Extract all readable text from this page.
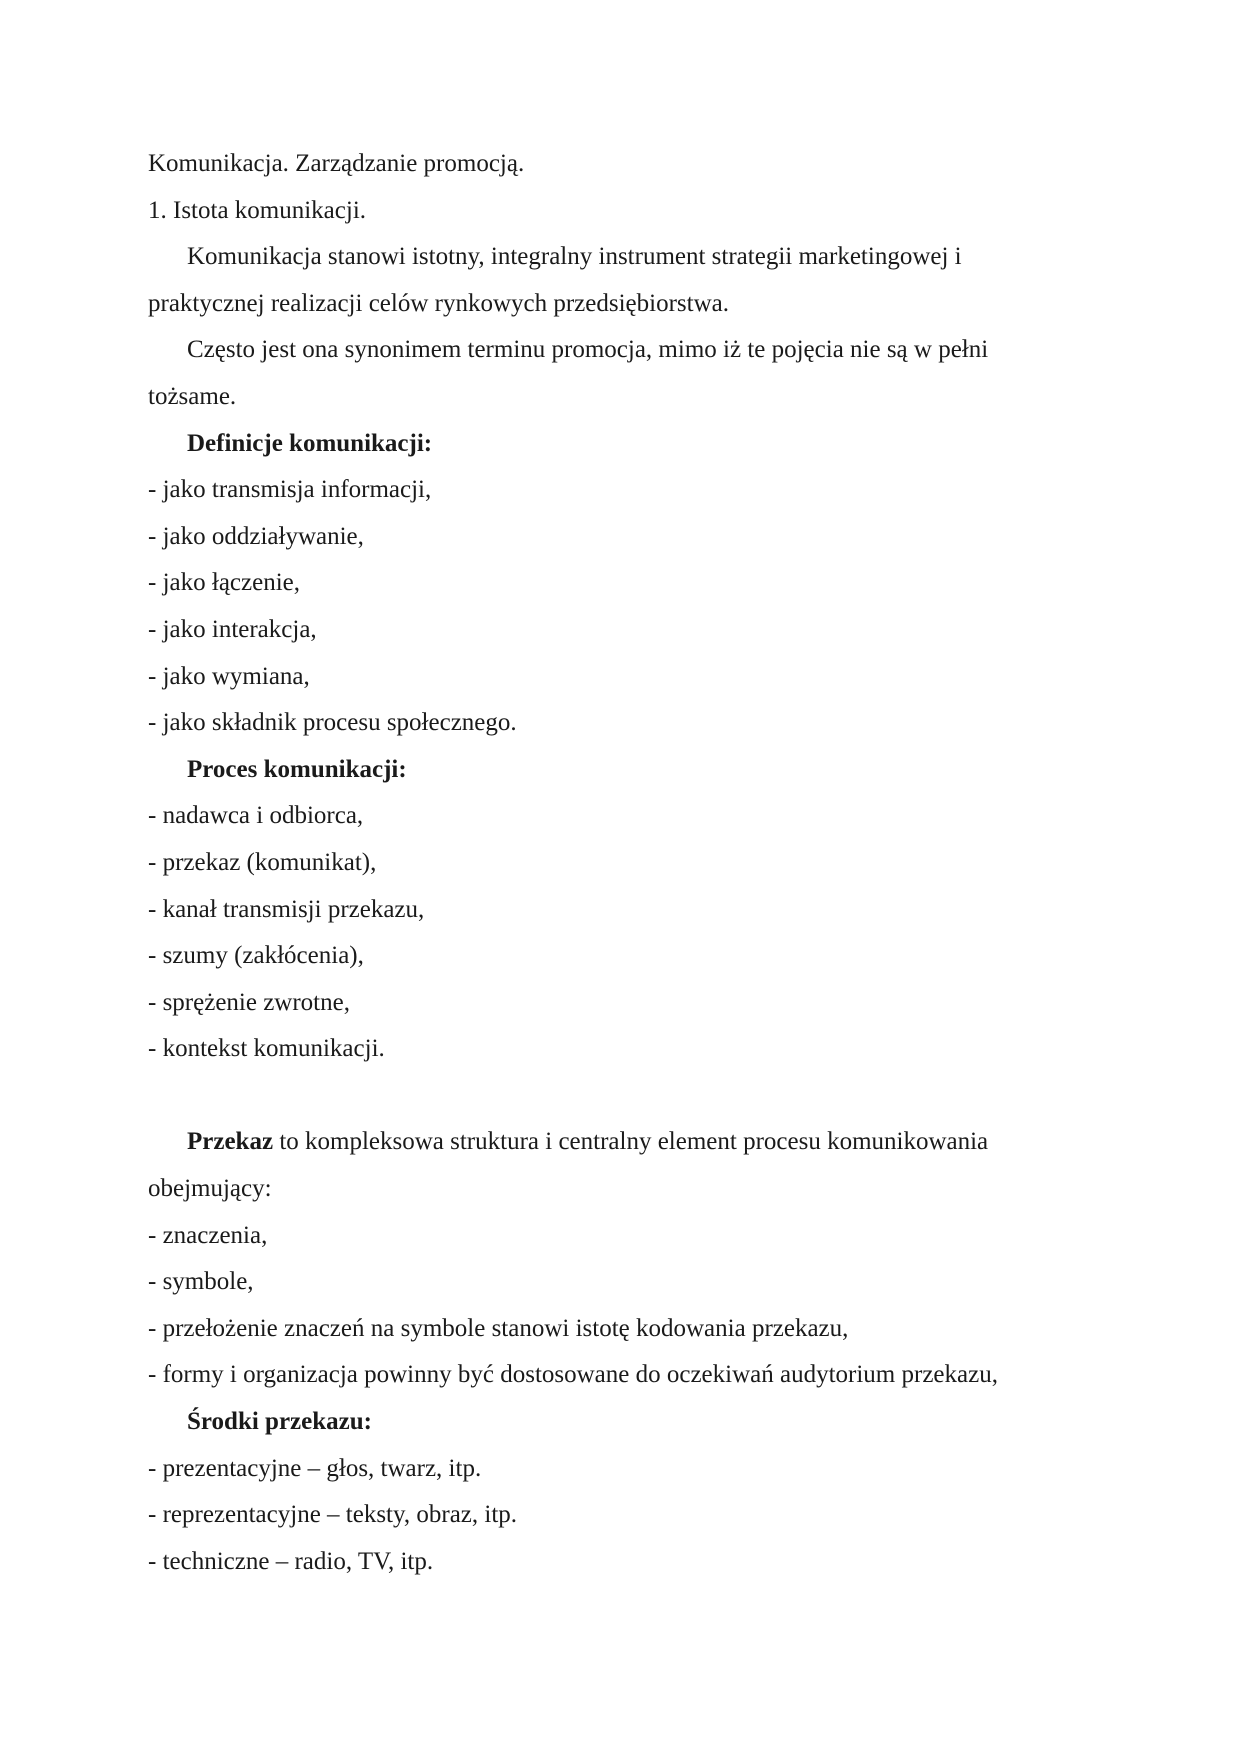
Komunikacja. Zarządzanie promocją.
1. Istota komunikacji.
Komunikacja stanowi istotny, integralny instrument strategii marketingowej i
praktycznej realizacji celów rynkowych przedsiębiorstwa.
Często jest ona synonimem terminu promocja, mimo iż te pojęcia nie są w pełni
tożsame.
Definicje komunikacji:
- jako transmisja informacji,
- jako oddziaływanie,
- jako łączenie,
- jako interakcja,
- jako wymiana,
- jako składnik procesu społecznego.
Proces komunikacji:
- nadawca i odbiorca,
- przekaz (komunikat),
- kanał transmisji przekazu,
- szumy (zakłócenia),
- sprężenie zwrotne,
- kontekst komunikacji.
Przekaz to kompleksowa struktura i centralny element procesu komunikowania
obejmujący:
- znaczenia,
- symbole,
- przełożenie znaczeń na symbole stanowi istotę kodowania przekazu,
- formy i organizacja powinny być dostosowane do oczekiwań audytorium przekazu,
Środki przekazu:
- prezentacyjne – głos, twarz, itp.
- reprezentacyjne – teksty, obraz, itp.
- techniczne – radio, TV, itp.
